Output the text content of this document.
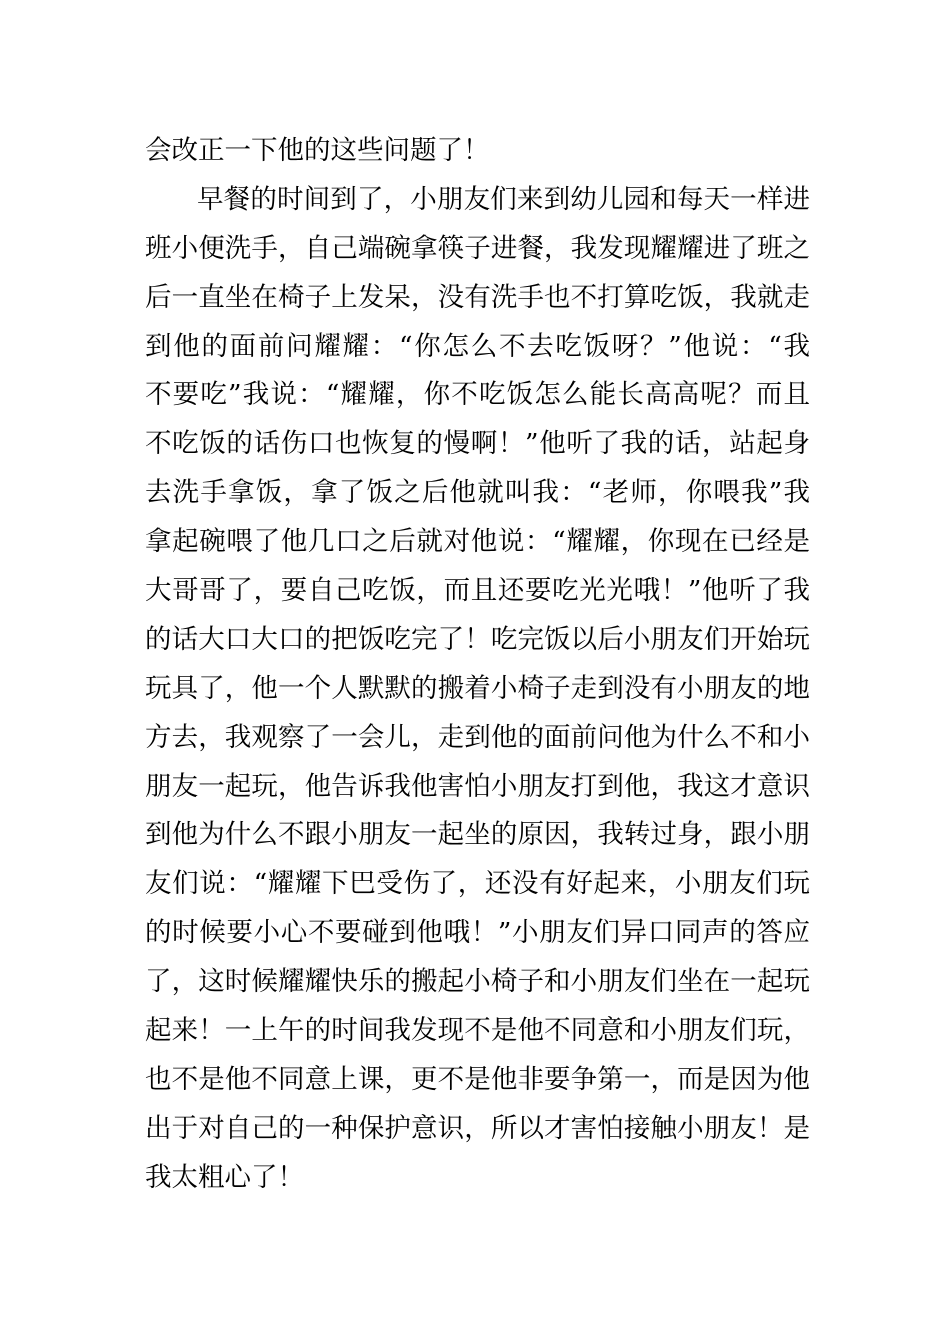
会改正一下他的这些问题了！
早餐的时间到了，小朋友们来到幼儿园和每天一样进
班小便洗手，自己端碗拿筷子进餐，我发现耀耀进了班之
后一直坐在椅子上发呆，没有洗手也不打算吃饭，我就走
到他的面前问耀耀：“你怎么不去吃饭呀？”他说：“我
不要吃”我说：“耀耀，你不吃饭怎么能长高高呢？而且
不吃饭的话伤口也恢复的慢啊！”他听了我的话，站起身
去洗手拿饭，拿了饭之后他就叫我：“老师，你喂我”我
拿起碗喂了他几口之后就对他说：“耀耀，你现在已经是
大哥哥了，要自己吃饭，而且还要吃光光哦！”他听了我
的话大口大口的把饭吃完了！吃完饭以后小朋友们开始玩
玩具了，他一个人默默的搬着小椅子走到没有小朋友的地
方去，我观察了一会儿，走到他的面前问他为什么不和小
朋友一起玩，他告诉我他害怕小朋友打到他，我这才意识
到他为什么不跟小朋友一起坐的原因，我转过身，跟小朋
友们说：“耀耀下巴受伤了，还没有好起来，小朋友们玩
的时候要小心不要碰到他哦！”小朋友们异口同声的答应
了，这时候耀耀快乐的搬起小椅子和小朋友们坐在一起玩
起来！一上午的时间我发现不是他不同意和小朋友们玩，
也不是他不同意上课，更不是他非要争第一，而是因为他
出于对自己的一种保护意识，所以才害怕接触小朋友！是
我太粗心了！
